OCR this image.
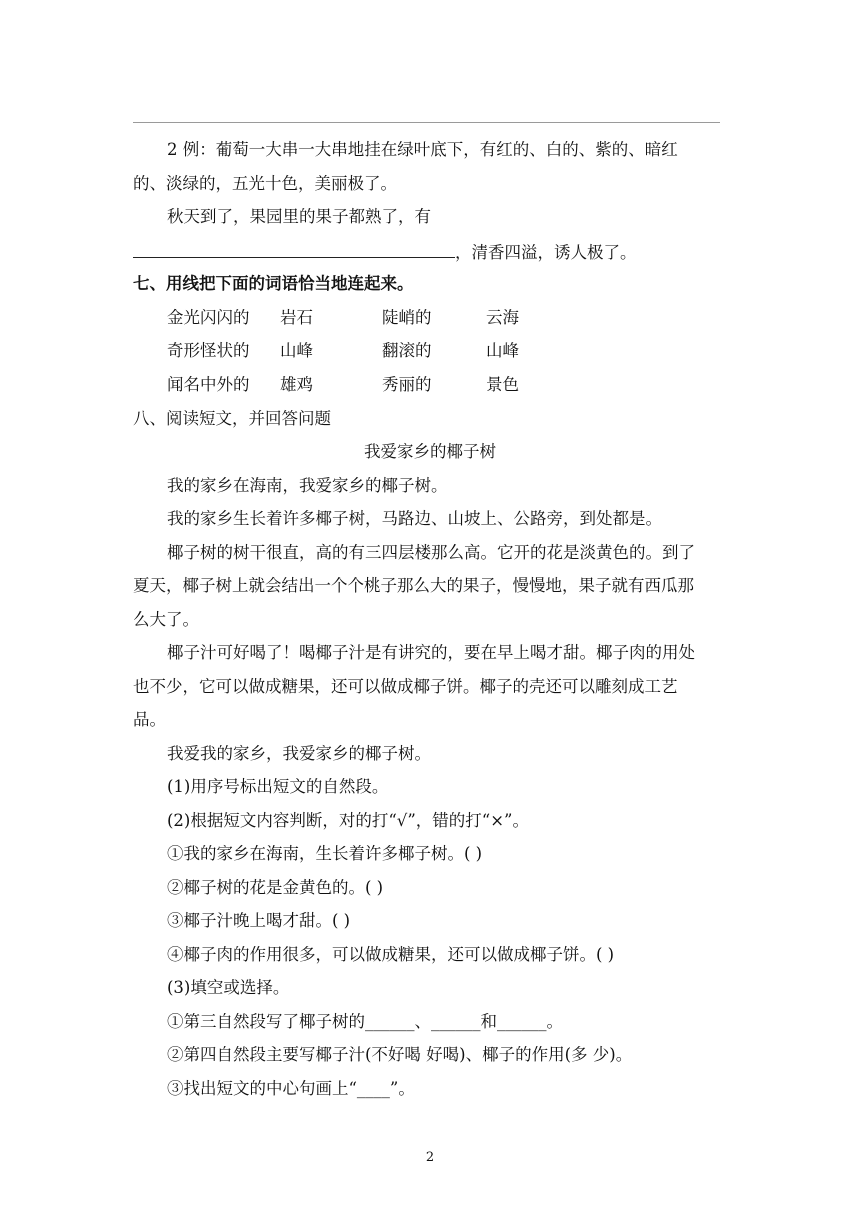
2 例：葡萄一大串一大串地挂在绿叶底下，有红的、白的、紫的、暗红
的、淡绿的，五光十色，美丽极了。
秋天到了，果园里的果子都熟了，有
，清香四溢，诱人极了。
七、用线把下面的词语恰当地连起来。
金光闪闪的 岩石	陡峭的	云海
奇形怪状的 山峰	翻滚的	山峰
闻名中外的 雄鸡	秀丽的	景色
八、阅读短文，并回答问题
我爱家乡的椰子树
我的家乡在海南，我爱家乡的椰子树。
我的家乡生长着许多椰子树，马路边、山坡上、公路旁，到处都是。
椰子树的树干很直，高的有三四层楼那么高。它开的花是淡黄色的。到了
夏天，椰子树上就会结出一个个桃子那么大的果子，慢慢地，果子就有西瓜那
么大了。
椰子汁可好喝了！喝椰子汁是有讲究的，要在早上喝才甜。椰子肉的用处
也不少，它可以做成糖果，还可以做成椰子饼。椰子的壳还可以雕刻成工艺
品。
我爱我的家乡，我爱家乡的椰子树。
(1)用序号标出短文的自然段。
(2)根据短文内容判断，对的打“√”，错的打“×”。
①我的家乡在海南，生长着许多椰子树。( )
②椰子树的花是金黄色的。( )
③椰子汁晚上喝才甜。( )
④椰子肉的作用很多，可以做成糖果，还可以做成椰子饼。( )
(3)填空或选择。
①第三自然段写了椰子树的______、______和______。
②第四自然段主要写椰子汁(不好喝 好喝)、椰子的作用(多 少)。
③找出短文的中心句画上“____”。
2
